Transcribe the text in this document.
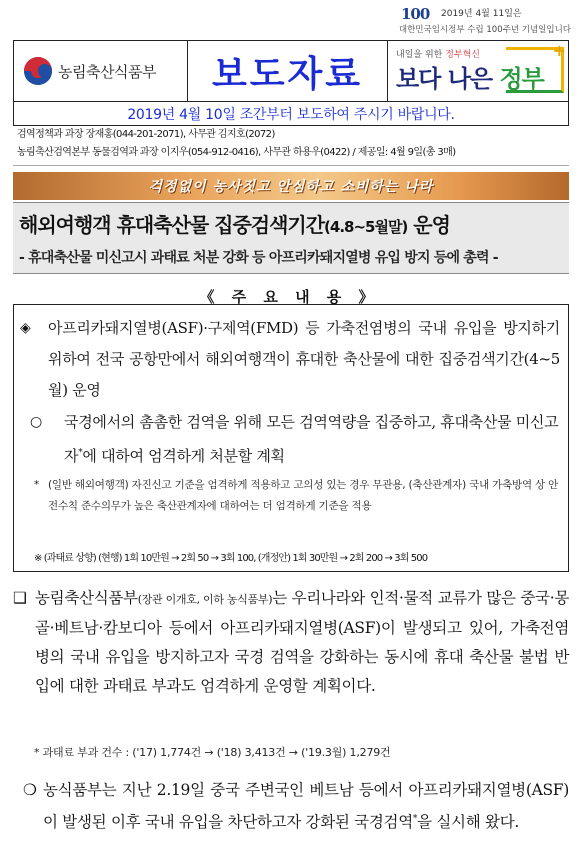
100 2019년 4월 11일은
대한민국임시정부 수립 100주년 기념일입니다
농림축산식품부 보도자료	내일을 위한 정부혁신	+
보다 나은 정부
2019년 4월 10일 조간부터 보도하여 주시기 바랍니다.
검역정책과 과장 장재홍(044-201-2071), 사무관 김지호(2072)
농림축산검역본부 동물검역과 과장 이지우(054-912-0416), 사무관 하용우(0422) / 제공일: 4월 9일(총 3매)
걱정없이 농사짓고 안심하고 소비하는 나라
해외여행객 휴대축산물 집중검색기간(4.8~5월말) 운영
- 휴대축산물 미신고시 과태료 처분 강화 등 아프리카돼지열병 유입 방지 등에 총력 -
《 주 요 내 용 》
◈ 아프리카돼지열병(ASF)·구제역(FMD) 등 가축전염병의 국내 유입을 방지하기 위하여 전국 공항만에서 해외여행객이 휴대한 축산물에 대한 집중검색기간(4~5월) 운영
○ 국경에서의 촘촘한 검역을 위해 모든 검역역량을 집중하고, 휴대축산물 미신고자*에 대하여 엄격하게 처분할 계획
* (일반 해외여행객) 자진신고 기준을 엄격하게 적용하고 고의성 있는 경우 무관용, (축산관계자) 국내 가축방역 상 안전수칙 준수의무가 높은 축산관계자에 대하여는 더 엄격하게 기준을 적용
※ (과태료 상향) (현행) 1회 10만원 → 2회 50 → 3회 100, (개정안) 1회 30만원 → 2회 200 → 3회 500
❑ 농림축산식품부(장관 이개호, 이하 농식품부)는 우리나라와 인적·물적 교류가 많은 중국·몽골·베트남·캄보디아 등에서 아프리카돼지열병(ASF)이 발생되고 있어, 가축전염병의 국내 유입을 방지하고자 국경 검역을 강화하는 동시에 휴대 축산물 불법 반입에 대한 과태료 부과도 엄격하게 운영할 계획이다.
* 과태료 부과 건수 : ('17) 1,774건 → ('18) 3,413건 → ('19.3월) 1,279건
❍ 농식품부는 지난 2.19일 중국 주변국인 베트남 등에서 아프리카돼지열병(ASF)이 발생된 이후 국내 유입을 차단하고자 강화된 국경검역*을 실시해 왔다.
